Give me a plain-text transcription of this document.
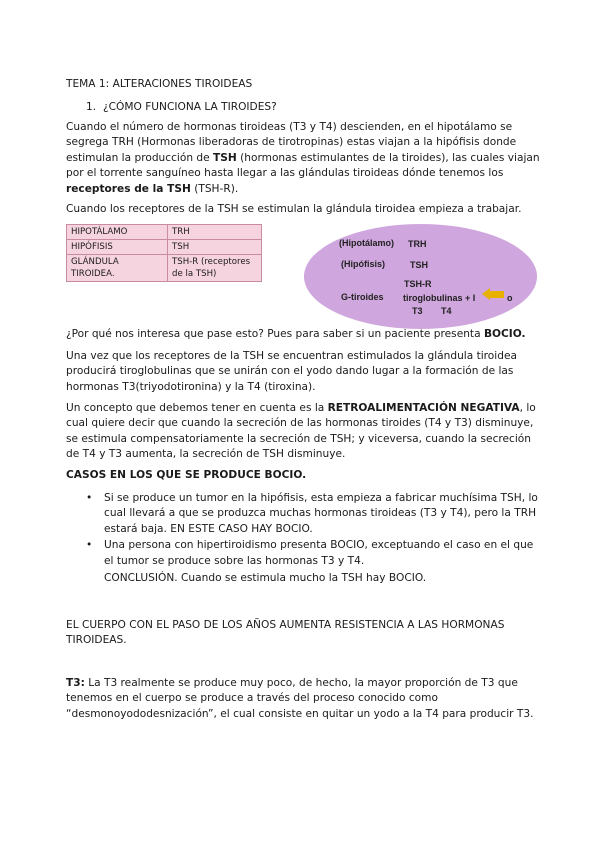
TEMA 1: ALTERACIONES TIROIDEAS
1. ¿CÓMO FUNCIONA LA TIROIDES?
Cuando el número de hormonas tiroideas (T3 y T4) descienden, en el hipotálamo se segrega TRH (Hormonas liberadoras de tirotropinas) estas viajan a la hipófisis donde estimulan la producción de TSH (hormonas estimulantes de la tiroides), las cuales viajan por el torrente sanguíneo hasta llegar a las glándulas tiroideas dónde tenemos los receptores de la TSH (TSH-R).
Cuando los receptores de la TSH se estimulan la glándula tiroidea empieza a trabajar.
HIPOTÁLAMO	TRH
HIPÓFISIS	TSH
GLÁNDULA TIROIDEA.	TSH-R (receptores de la TSH)
(Hipotálamo) TRH
(Hipófisis)	TSH
TSH-R
G-tiroides tiroglobulinas + I	o
T3 T4
¿Por qué nos interesa que pase esto? Pues para saber si un paciente presenta BOCIO.
Una vez que los receptores de la TSH se encuentran estimulados la glándula tiroidea producirá tiroglobulinas que se unirán con el yodo dando lugar a la formación de las hormonas T3(triyodotironina) y la T4 (tiroxina).
Un concepto que debemos tener en cuenta es la RETROALIMENTACIÓN NEGATIVA, lo cual quiere decir que cuando la secreción de las hormonas tiroides (T4 y T3) disminuye, se estimula compensatoriamente la secreción de TSH; y viceversa, cuando la secreción de T4 y T3 aumenta, la secreción de TSH disminuye.
CASOS EN LOS QUE SE PRODUCE BOCIO.
• Si se produce un tumor en la hipófisis, esta empieza a fabricar muchísima TSH, lo cual llevará a que se produzca muchas hormonas tiroideas (T3 y T4), pero la TRH estará baja. EN ESTE CASO HAY BOCIO.
• Una persona con hipertiroidismo presenta BOCIO, exceptuando el caso en el que el tumor se produce sobre las hormonas T3 y T4.
CONCLUSIÓN. Cuando se estimula mucho la TSH hay BOCIO.
EL CUERPO CON EL PASO DE LOS AÑOS AUMENTA RESISTENCIA A LAS HORMONAS TIROIDEAS.
T3: La T3 realmente se produce muy poco, de hecho, la mayor proporción de T3 que tenemos en el cuerpo se produce a través del proceso conocido como “desmonoyododesnización”, el cual consiste en quitar un yodo a la T4 para producir T3.
